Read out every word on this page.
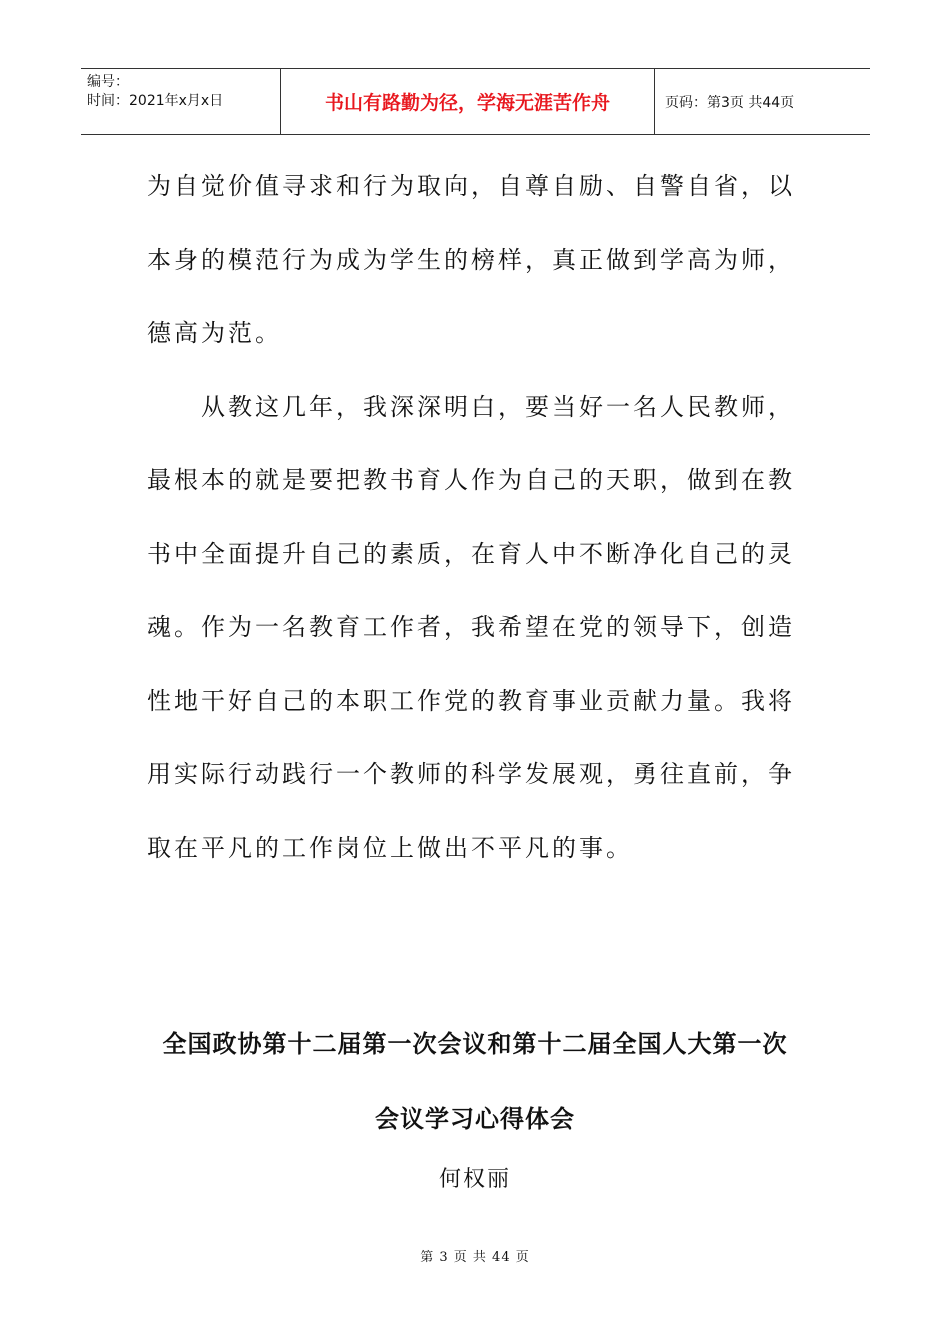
编号：
时间：2021年x月x日	书山有路勤为径，学海无涯苦作舟	页码：第3页 共44页

为自觉价值寻求和行为取向，自尊自励、自警自省，以本身的模范行为成为学生的榜样，真正做到学高为师，德高为范。

从教这几年，我深深明白，要当好一名人民教师，最根本的就是要把教书育人作为自己的天职，做到在教书中全面提升自己的素质，在育人中不断净化自己的灵魂。作为一名教育工作者，我希望在党的领导下，创造性地干好自己的本职工作党的教育事业贡献力量。我将用实际行动践行一个教师的科学发展观，勇往直前，争取在平凡的工作岗位上做出不平凡的事。

全国政协第十二届第一次会议和第十二届全国人大第一次
会议学习心得体会
何权丽
第 3 页 共 44 页
